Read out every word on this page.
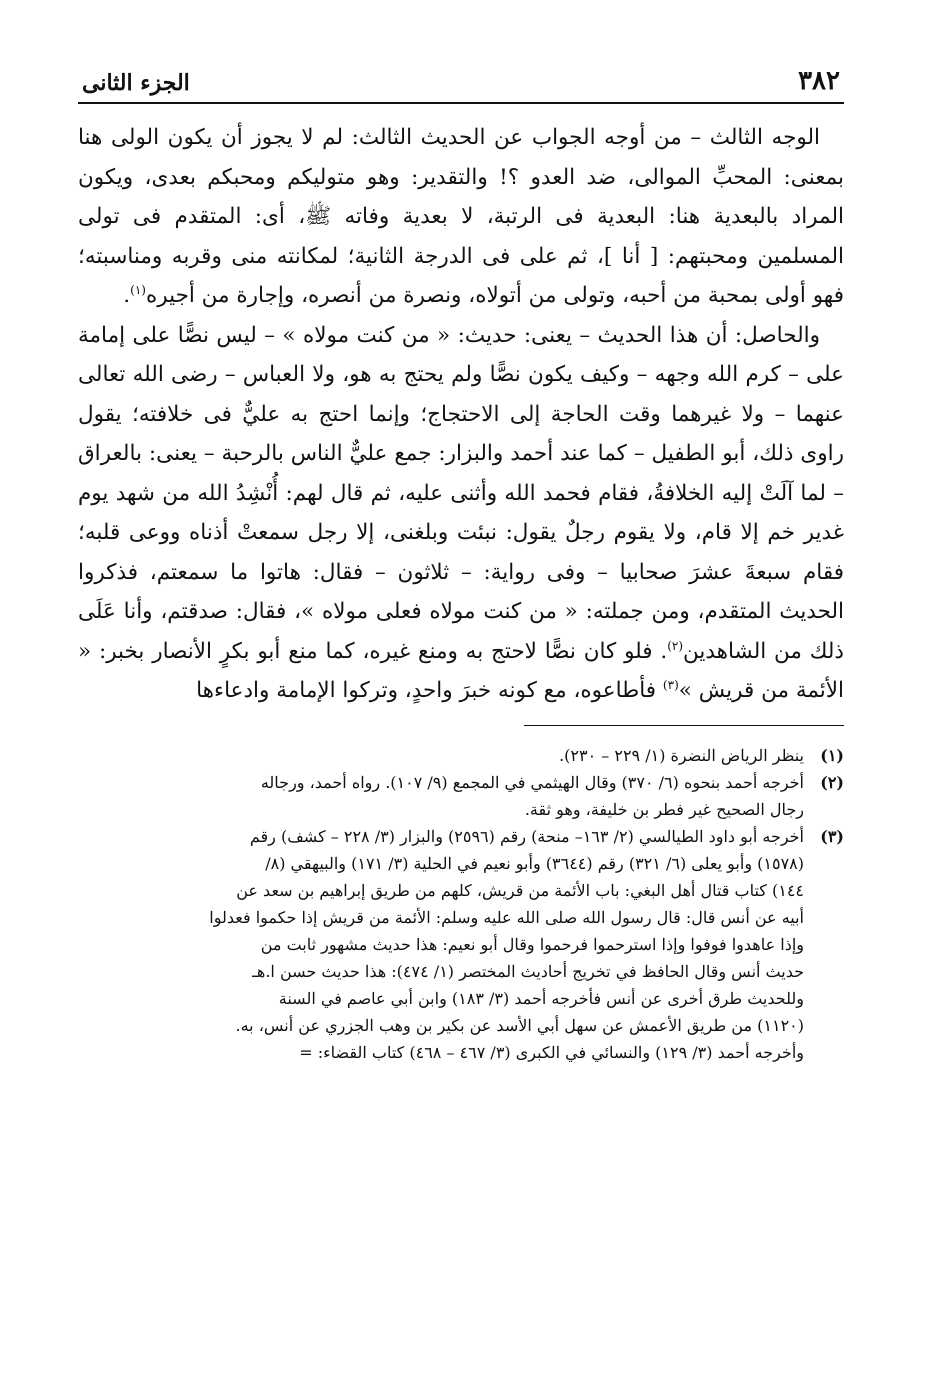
٣٨٢
الجزء الثانى

الوجه الثالث – من أوجه الجواب عن الحديث الثالث: لم لا يجوز أن يكون الولى هنا بمعنى: المحبِّ الموالى، ضد العدو ؟! والتقدير: وهو متوليكم ومحبكم بعدى، ويكون المراد بالبعدية هنا: البعدية فى الرتبة، لا بعدية وفاته ﷺ، أى: المتقدم فى تولى المسلمين ومحبتهم: [ أنا ]، ثم على فى الدرجة الثانية؛ لمكانته منى وقربه ومناسبته؛ فهو أولى بمحبة من أحبه، وتولى من أتولاه، ونصرة من أنصره، وإجارة من أجيره$^{(١)}$.

والحاصل: أن هذا الحديث – يعنى: حديث: « من كنت مولاه » – ليس نصًّا على إمامة على – كرم الله وجهه – وكيف يكون نصًّا ولم يحتج به هو، ولا العباس – رضى الله تعالى عنهما – ولا غيرهما وقت الحاجة إلى الاحتجاج؛ وإنما احتج به عليٌّ فى خلافته؛ يقول راوى ذلك، أبو الطفيل – كما عند أحمد والبزار: جمع عليٌّ الناس بالرحبة – يعنى: بالعراق – لما آلَتْ إليه الخلافةُ، فقام فحمد الله وأثنى عليه، ثم قال لهم: أُنْشِدُ الله من شهد يوم غدير خم إلا قام، ولا يقوم رجلٌ يقول: نبئت وبلغنى، إلا رجل سمعتْ أذناه ووعى قلبه؛ فقام سبعةَ عشرَ صحابيا – وفى رواية: – ثلاثون – فقال: هاتوا ما سمعتم، فذكروا الحديث المتقدم، ومن جملته: « من كنت مولاه فعلى مولاه »، فقال: صدقتم، وأنا عَلَى ذلك من الشاهدين$^{(٢)}$. فلو كان نصًّا لاحتج به ومنع غيره، كما منع أبو بكرٍ الأنصار بخبر: « الأئمة من قريش »$^{(٣)}$ فأطاعوه، مع كونه خبرَ واحدٍ، وتركوا الإمامة وادعاءها

(١)
ينظر الرياض النضرة (١/ ٢٢٩ – ٢٣٠).
(٢)
أخرجه أحمد بنحوه (٦/ ٣٧٠) وقال الهيثمي في المجمع (٩/ ١٠٧). رواه أحمد، ورجاله
رجال الصحيح غير فطر بن خليفة، وهو ثقة.
(٣)
أخرجه أبو داود الطيالسي (٢/ ١٦٣– منحة) رقم (٢٥٩٦) والبزار (٣/ ٢٢٨ – كشف) رقم
(١٥٧٨) وأبو يعلى (٦/ ٣٢١) رقم (٣٦٤٤) وأبو نعيم في الحلية (٣/ ١٧١) والبيهقي (٨/
١٤٤) كتاب قتال أهل البغي: باب الأئمة من قريش، كلهم من طريق إبراهيم بن سعد عن
أبيه عن أنس قال: قال رسول الله صلى الله عليه وسلم: الأئمة من قريش إذا حكموا فعدلوا
وإذا عاهدوا فوفوا وإذا استرحموا فرحموا وقال أبو نعيم: هذا حديث مشهور ثابت من
حديث أنس وقال الحافظ في تخريج أحاديث المختصر (١/ ٤٧٤): هذا حديث حسن ا.هـ
وللحديث طرق أخرى عن أنس فأخرجه أحمد (٣/ ١٨٣) وابن أبي عاصم في السنة
(١١٢٠) من طريق الأعمش عن سهل أبي الأسد عن بكير بن وهب الجزري عن أنس، به.
وأخرجه أحمد (٣/ ١٢٩) والنسائي في الكبرى (٣/ ٤٦٧ – ٤٦٨) كتاب القضاء: =
